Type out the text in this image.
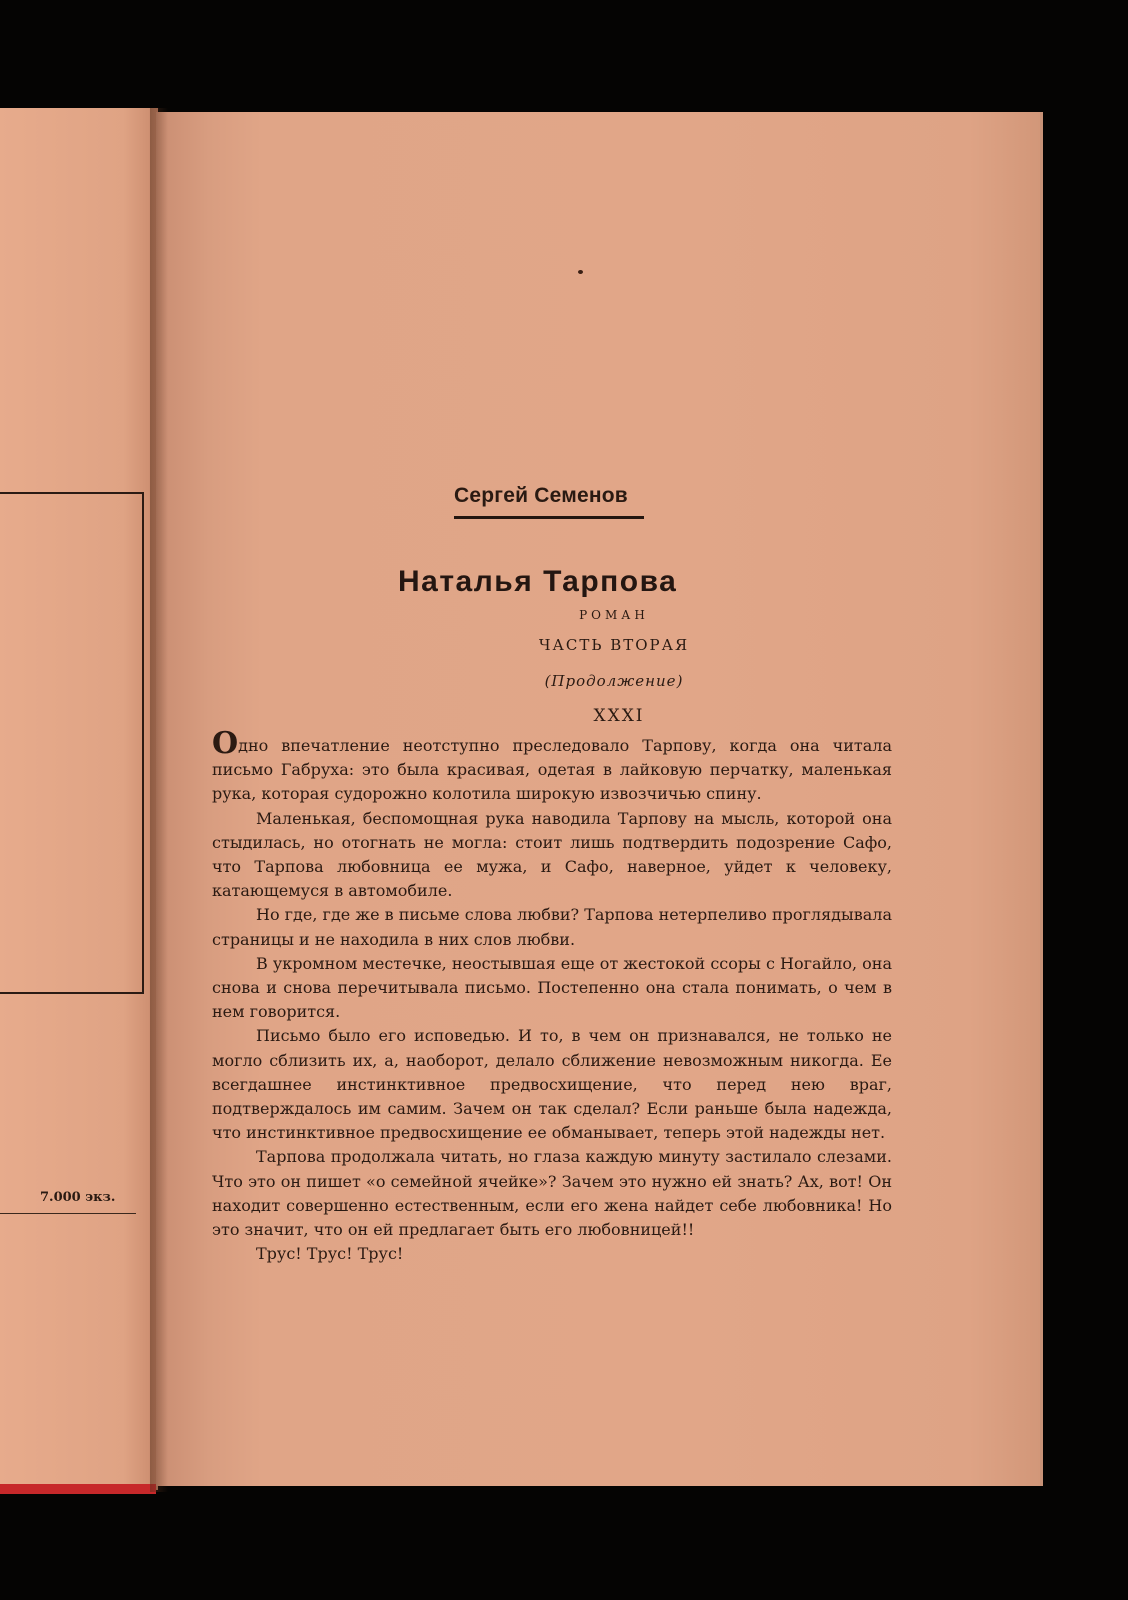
7.000 экз.
Сергей Семенов
Наталья Тарпова
РОМАН
ЧАСТЬ ВТОРАЯ
(Продолжение)
XXXI

Одно впечатление неотступно преследовало Тарпову, когда она читала письмо Габруха: это была красивая, одетая в лайковую перчатку, маленькая рука, которая судорожно колотила широкую извозчичью спину.

Маленькая, беспомощная рука наводила Тарпову на мысль, которой она стыдилась, но отогнать не могла: стоит лишь подтвердить подозрение Сафо, что Тарпова любовница ее мужа, и Сафо, наверное, уйдет к человеку, катающемуся в автомобиле.

Но где, где же в письме слова любви? Тарпова нетерпеливо проглядывала страницы и не находила в них слов любви.

В укромном местечке, неостывшая еще от жестокой ссоры с Ногайло, она снова и снова перечитывала письмо. Постепенно она стала понимать, о чем в нем говорится.

Письмо было его исповедью. И то, в чем он признавался, не только не могло сблизить их, а, наоборот, делало сближение невозможным никогда. Ее всегдашнее инстинктивное предвосхищение, что перед нею враг, подтверждалось им самим. Зачем он так сделал? Если раньше была надежда, что инстинктивное предвосхищение ее обманывает, теперь этой надежды нет.

Тарпова продолжала читать, но глаза каждую минуту застилало слезами. Что это он пишет «о семейной ячейке»? Зачем это нужно ей знать? Ах, вот! Он находит совершенно естественным, если его жена найдет себе любовника! Но это значит, что он ей предлагает быть его любовницей!!

Трус! Трус! Трус!
